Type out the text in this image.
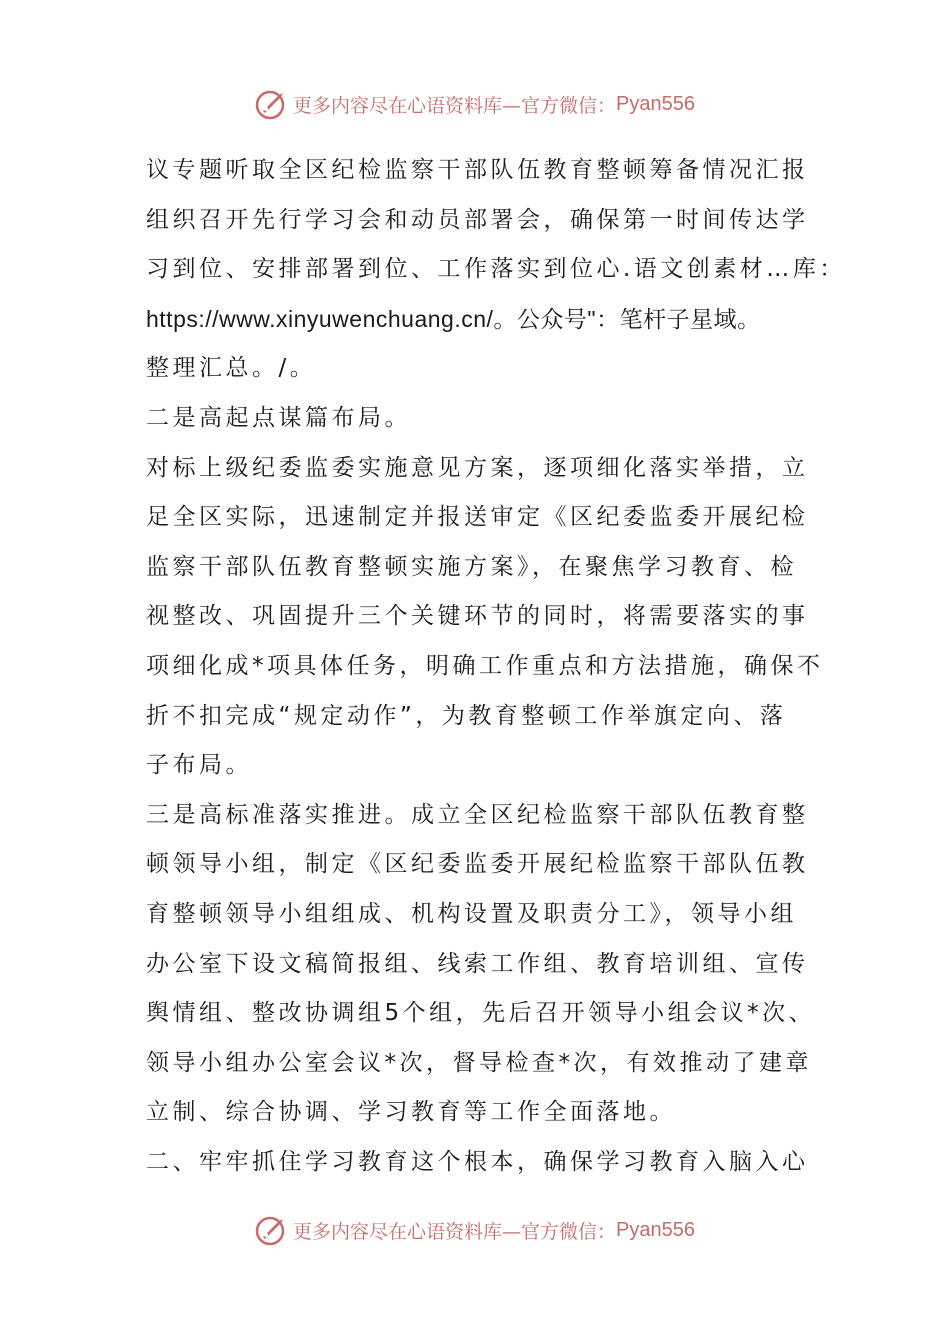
更多内容尽在心语资料库—官方微信： Pyan556
议专题听取全区纪检监察干部队伍教育整顿筹备情况汇报
组织召开先行学习会和动员部署会，确保第一时间传达学
习到位、安排部署到位、工作落实到位心.语文创素材…库：
https://www.xinyuwenchuang.cn/。公众号"：笔杆子星域。
整理汇总。/。
二是高起点谋篇布局。
对标上级纪委监委实施意见方案，逐项细化落实举措，立
足全区实际，迅速制定并报送审定《区纪委监委开展纪检
监察干部队伍教育整顿实施方案》，在聚焦学习教育、检
视整改、巩固提升三个关键环节的同时，将需要落实的事
项细化成*项具体任务，明确工作重点和方法措施，确保不
折不扣完成“规定动作”，为教育整顿工作举旗定向、落
子布局。
三是高标准落实推进。成立全区纪检监察干部队伍教育整
顿领导小组，制定《区纪委监委开展纪检监察干部队伍教
育整顿领导小组组成、机构设置及职责分工》，领导小组
办公室下设文稿简报组、线索工作组、教育培训组、宣传
舆情组、整改协调组5个组，先后召开领导小组会议*次、
领导小组办公室会议*次，督导检查*次，有效推动了建章
立制、综合协调、学习教育等工作全面落地。
二、牢牢抓住学习教育这个根本，确保学习教育入脑入心
更多内容尽在心语资料库—官方微信： Pyan556
